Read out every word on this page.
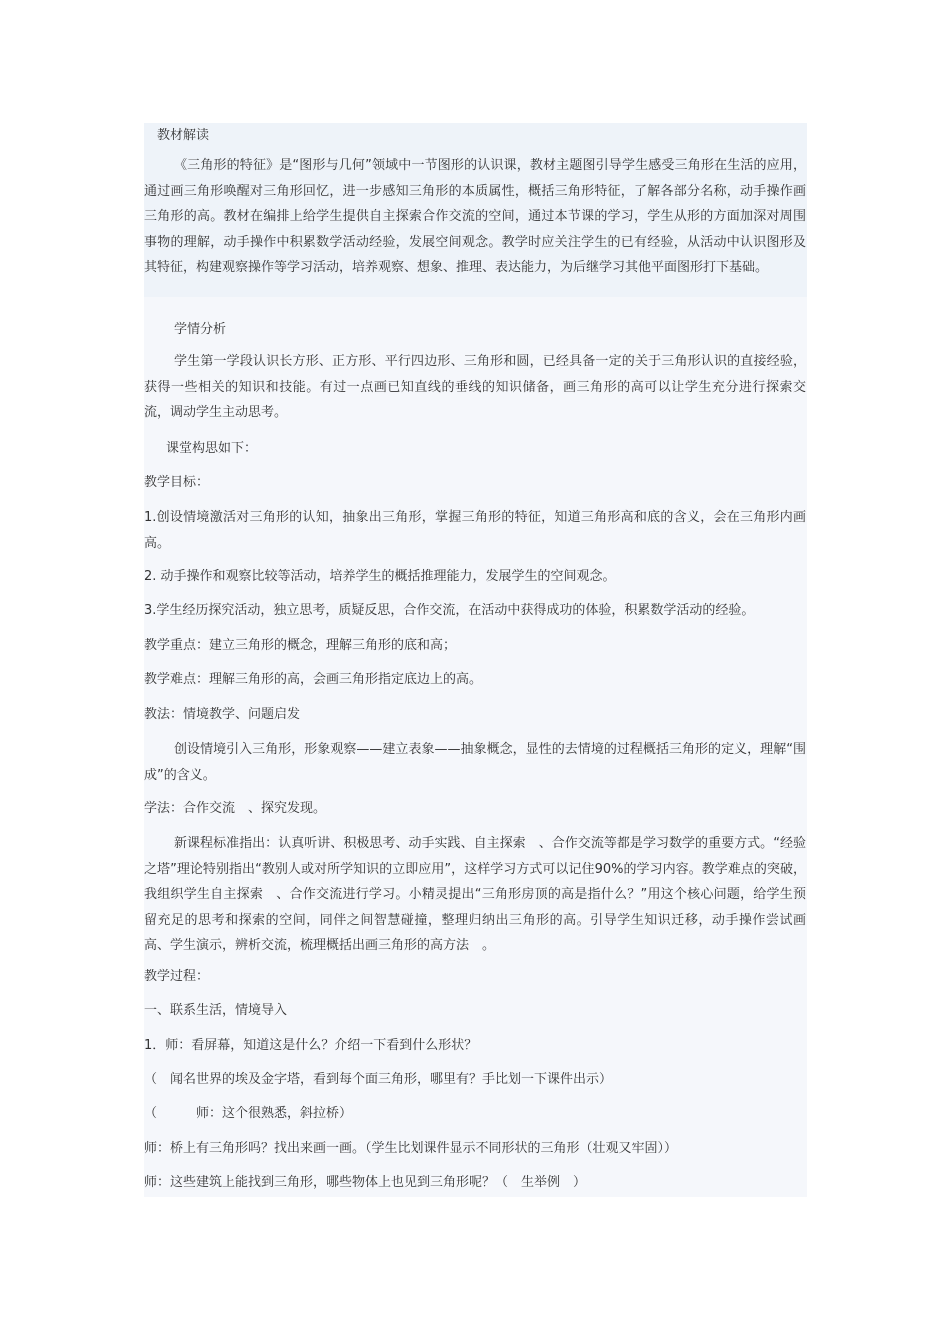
教材解读
《三角形的特征》是“图形与几何”领域中一节图形的认识课，教材主题图引导学生感受三角形在生活的应用，通过画三角形唤醒对三角形回忆，进一步感知三角形的本质属性，概括三角形特征，了解各部分名称，动手操作画三角形的高。教材在编排上给学生提供自主探索合作交流的空间，通过本节课的学习，学生从形的方面加深对周围事物的理解，动手操作中积累数学活动经验，发展空间观念。教学时应关注学生的已有经验，从活动中认识图形及其特征，构建观察操作等学习活动，培养观察、想象、推理、表达能力，为后继学习其他平面图形打下基础。
学情分析
学生第一学段认识长方形、正方形、平行四边形、三角形和圆，已经具备一定的关于三角形认识的直接经验，获得一些相关的知识和技能。有过一点画已知直线的垂线的知识储备，画三角形的高可以让学生充分进行探索交流，调动学生主动思考。
课堂构思如下：
教学目标：
1.创设情境激活对三角形的认知，抽象出三角形，掌握三角形的特征，知道三角形高和底的含义，会在三角形内画高。
2. 动手操作和观察比较等活动，培养学生的概括推理能力，发展学生的空间观念。
3.学生经历探究活动，独立思考，质疑反思，合作交流，在活动中获得成功的体验，积累数学活动的经验。
教学重点：建立三角形的概念，理解三角形的底和高；
教学难点：理解三角形的高，会画三角形指定底边上的高。
教法：情境教学、问题启发
创设情境引入三角形，形象观察——建立表象——抽象概念，显性的去情境的过程概括三角形的定义，理解“围成”的含义。
学法：合作交流　、探究发现。
新课程标准指出：认真听讲、积极思考、动手实践、自主探索　、合作交流等都是学习数学的重要方式。“经验之塔”理论特别指出“教别人或对所学知识的立即应用”，这样学习方式可以记住90%的学习内容。教学难点的突破，我组织学生自主探索　、合作交流进行学习。小精灵提出“三角形房顶的高是指什么？”用这个核心问题，给学生预留充足的思考和探索的空间，同伴之间智慧碰撞，整理归纳出三角形的高。引导学生知识迁移，动手操作尝试画高、学生演示，辨析交流，梳理概括出画三角形的高方法　。
教学过程：
一、联系生活，情境导入
1．师：看屏幕，知道这是什么？介绍一下看到什么形状？
（　闻名世界的埃及金字塔，看到每个面三角形，哪里有？手比划一下课件出示）
（　　　师：这个很熟悉，斜拉桥）
师：桥上有三角形吗？找出来画一画。（学生比划课件显示不同形状的三角形（壮观又牢固））
师：这些建筑上能找到三角形，哪些物体上也见到三角形呢？（　生举例　）
